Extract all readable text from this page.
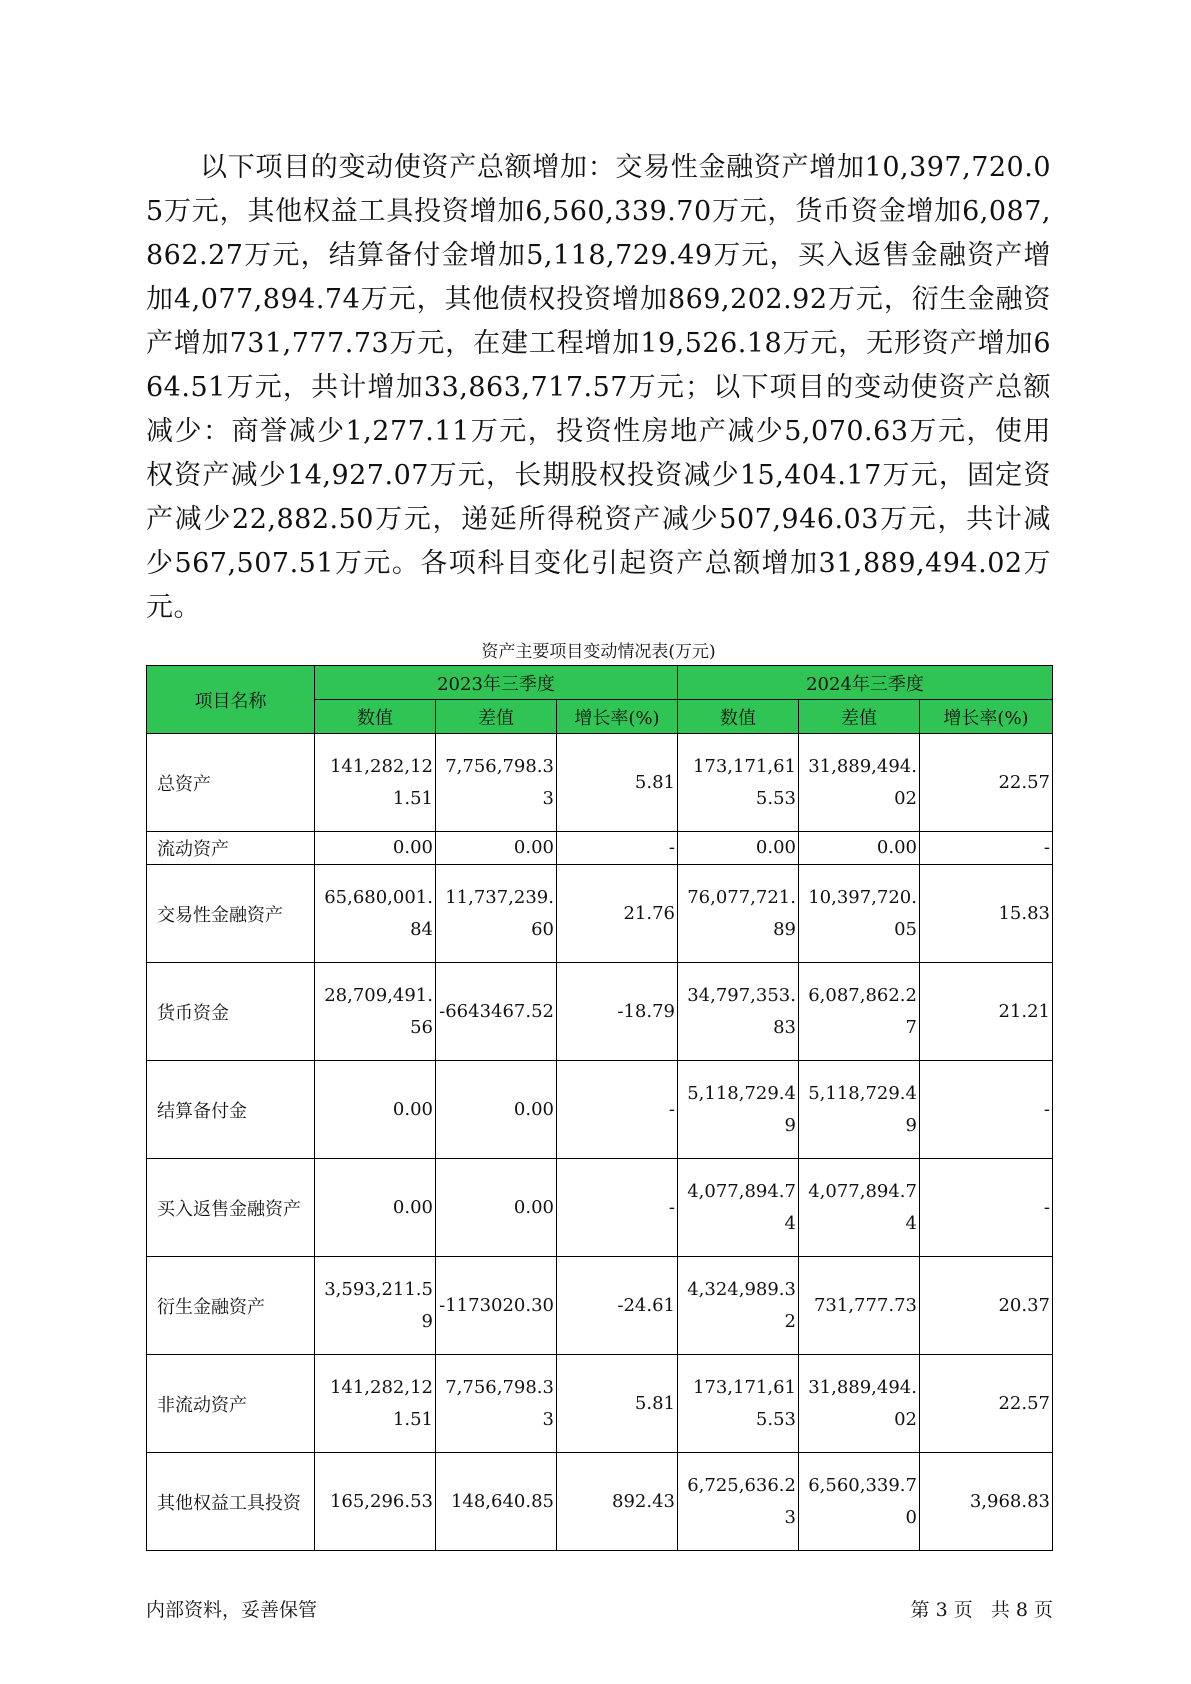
以下项目的变动使资产总额增加：交易性金融资产增加10,397,720.05万元，其他权益工具投资增加6,560,339.70万元，货币资金增加6,087,862.27万元，结算备付金增加5,118,729.49万元，买入返售金融资产增加4,077,894.74万元，其他债权投资增加869,202.92万元，衍生金融资产增加731,777.73万元，在建工程增加19,526.18万元，无形资产增加664.51万元，共计增加33,863,717.57万元；以下项目的变动使资产总额减少：商誉减少1,277.11万元，投资性房地产减少5,070.63万元，使用权资产减少14,927.07万元，长期股权投资减少15,404.17万元，固定资产减少22,882.50万元，递延所得税资产减少507,946.03万元，共计减少567,507.51万元。各项科目变化引起资产总额增加31,889,494.02万元。
资产主要项目变动情况表(万元)
项目名称	2023年三季度			2024年三季度		
	数值	差值	增长率(%)	数值	差值	增长率(%)
总资产	141,282,121.51	7,756,798.33	5.81	173,171,615.53	31,889,494.02	22.57
流动资产	0.00	0.00	-	0.00	0.00	-
交易性金融资产	65,680,001.84	11,737,239.60	21.76	76,077,721.89	10,397,720.05	15.83
货币资金	28,709,491.56	-6643467.52	-18.79	34,797,353.83	6,087,862.27	21.21
结算备付金	0.00	0.00	-	5,118,729.49	5,118,729.49	-
买入返售金融资产	0.00	0.00	-	4,077,894.74	4,077,894.74	-
衍生金融资产	3,593,211.59	-1173020.30	-24.61	4,324,989.32	731,777.73	20.37
非流动资产	141,282,121.51	7,756,798.33	5.81	173,171,615.53	31,889,494.02	22.57
其他权益工具投资	165,296.53	148,640.85	892.43	6,725,636.23	6,560,339.70	3,968.83
内部资料，妥善保管	第 3 页   共 8 页
